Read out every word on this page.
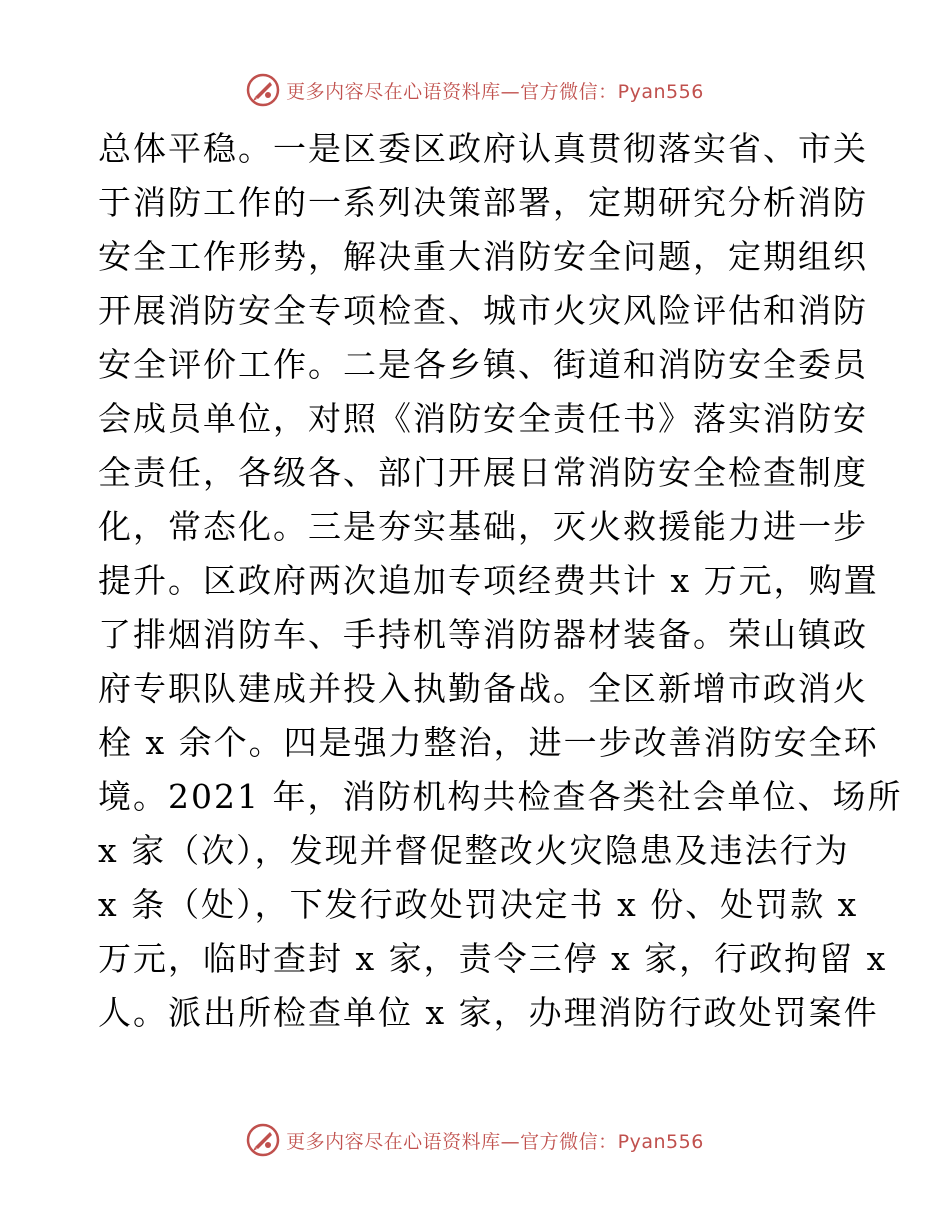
更多内容尽在心语资料库—官方微信：Pyan556
总体平稳。一是区委区政府认真贯彻落实省、市关
于消防工作的一系列决策部署，定期研究分析消防
安全工作形势，解决重大消防安全问题，定期组织
开展消防安全专项检查、城市火灾风险评估和消防
安全评价工作。二是各乡镇、街道和消防安全委员
会成员单位，对照《消防安全责任书》落实消防安
全责任，各级各、部门开展日常消防安全检查制度
化，常态化。三是夯实基础，灭火救援能力进一步
提升。区政府两次追加专项经费共计 x 万元，购置
了排烟消防车、手持机等消防器材装备。荣山镇政
府专职队建成并投入执勤备战。全区新增市政消火
栓 x 余个。四是强力整治，进一步改善消防安全环
境。2021 年，消防机构共检查各类社会单位、场所
x 家（次），发现并督促整改火灾隐患及违法行为
x 条（处），下发行政处罚决定书 x 份、处罚款 x
万元，临时查封 x 家，责令三停 x 家，行政拘留 x
人。派出所检查单位 x 家，办理消防行政处罚案件
更多内容尽在心语资料库—官方微信：Pyan556
